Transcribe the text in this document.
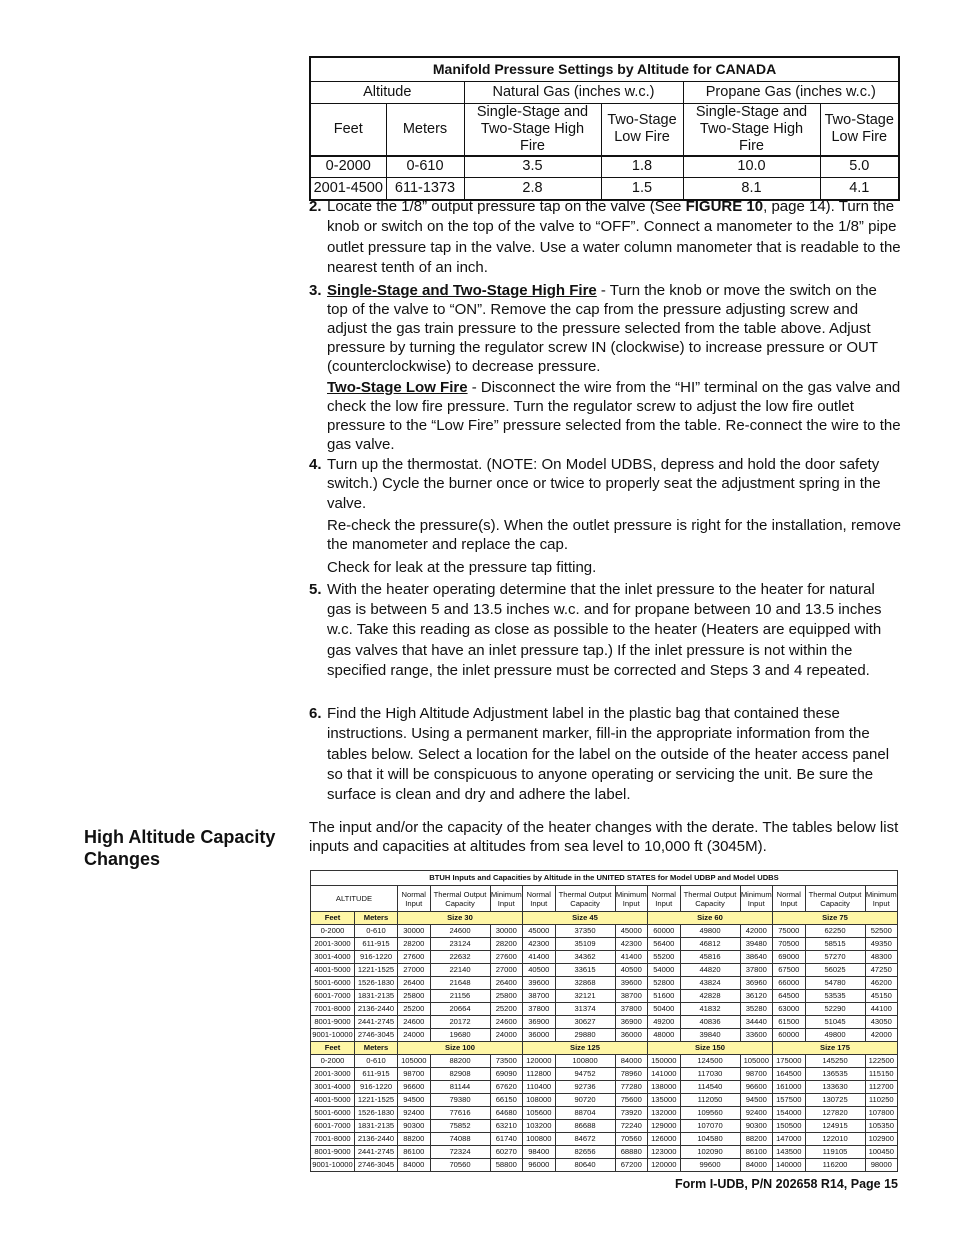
Manifold Pressure Settings by Altitude for CANADA					
Altitude		Natural Gas (inches w.c.)		Propane Gas (inches w.c.)	
Feet	Meters	Single-Stage and Two-Stage High Fire	Two-Stage Low Fire	Single-Stage and Two-Stage High Fire	Two-Stage Low Fire
0-2000	0-610	3.5	1.8	10.0	5.0
2001-4500	611-1373	2.8	1.5	8.1	4.1
2. Locate the 1/8” output pressure tap on the valve (See FIGURE 10, page 14). Turn the knob or switch on the top of the valve to “OFF”. Connect a manometer to the 1/8” pipe outlet pressure tap in the valve. Use a water column manometer that is readable to the nearest tenth of an inch.

3. Single-Stage and Two-Stage High Fire - Turn the knob or move the switch on the top of the valve to “ON”. Remove the cap from the pressure adjusting screw and adjust the gas train pressure to the pressure selected from the table above. Adjust pressure by turning the regulator screw IN (clockwise) to increase pressure or OUT (counterclockwise) to decrease pressure.

Two-Stage Low Fire - Disconnect the wire from the “HI” terminal on the gas valve and check the low fire pressure. Turn the regulator screw to adjust the low fire outlet pressure to the “Low Fire” pressure selected from the table. Re-connect the wire to the gas valve.

4. Turn up the thermostat. (NOTE: On Model UDBS, depress and hold the door safety switch.) Cycle the burner once or twice to properly seat the adjustment spring in the valve.

Re-check the pressure(s). When the outlet pressure is right for the installation, remove the manometer and replace the cap.

Check for leak at the pressure tap fitting.

5. With the heater operating determine that the inlet pressure to the heater for natural gas is between 5 and 13.5 inches w.c. and for propane between 10 and 13.5 inches w.c. Take this reading as close as possible to the heater (Heaters are equipped with gas valves that have an inlet pressure tap.) If the inlet pressure is not within the specified range, the inlet pressure must be corrected and Steps 3 and 4 repeated.

6. Find the High Altitude Adjustment label in the plastic bag that contained these instructions. Using a permanent marker, fill-in the appropriate information from the tables below. Select a location for the label on the outside of the heater access panel so that it will be conspicuous to anyone operating or servicing the unit. Be sure the surface is clean and dry and adhere the label.

High Altitude Capacity Changes

The input and/or the capacity of the heater changes with the derate. The tables below list inputs and capacities at altitudes from sea level to 10,000 ft (3045M).

BTUH Inputs and Capacities by Altitude in the UNITED STATES for Model UDBP and Model UDBS													
ALTITUDE		Normal Input	Thermal Output Capacity	Minimum Input	Normal Input	Thermal Output Capacity	Minimum Input	Normal Input	Thermal Output Capacity	Minimum Input	Normal Input	Thermal Output Capacity	Minimum Input
Feet	Meters	Size 30			Size 45			Size 60			Size 75		
0-2000	0-610	30000	24600	30000	45000	37350	45000	60000	49800	42000	75000	62250	52500
2001-3000	611-915	28200	23124	28200	42300	35109	42300	56400	46812	39480	70500	58515	49350
3001-4000	916-1220	27600	22632	27600	41400	34362	41400	55200	45816	38640	69000	57270	48300
4001-5000	1221-1525	27000	22140	27000	40500	33615	40500	54000	44820	37800	67500	56025	47250
5001-6000	1526-1830	26400	21648	26400	39600	32868	39600	52800	43824	36960	66000	54780	46200
6001-7000	1831-2135	25800	21156	25800	38700	32121	38700	51600	42828	36120	64500	53535	45150
7001-8000	2136-2440	25200	20664	25200	37800	31374	37800	50400	41832	35280	63000	52290	44100
8001-9000	2441-2745	24600	20172	24600	36900	30627	36900	49200	40836	34440	61500	51045	43050
9001-10000	2746-3045	24000	19680	24000	36000	29880	36000	48000	39840	33600	60000	49800	42000
Feet	Meters	Size 100			Size 125			Size 150			Size 175		
0-2000	0-610	105000	88200	73500	120000	100800	84000	150000	124500	105000	175000	145250	122500
2001-3000	611-915	98700	82908	69090	112800	94752	78960	141000	117030	98700	164500	136535	115150
3001-4000	916-1220	96600	81144	67620	110400	92736	77280	138000	114540	96600	161000	133630	112700
4001-5000	1221-1525	94500	79380	66150	108000	90720	75600	135000	112050	94500	157500	130725	110250
5001-6000	1526-1830	92400	77616	64680	105600	88704	73920	132000	109560	92400	154000	127820	107800
6001-7000	1831-2135	90300	75852	63210	103200	86688	72240	129000	107070	90300	150500	124915	105350
7001-8000	2136-2440	88200	74088	61740	100800	84672	70560	126000	104580	88200	147000	122010	102900
8001-9000	2441-2745	86100	72324	60270	98400	82656	68880	123000	102090	86100	143500	119105	100450
9001-10000	2746-3045	84000	70560	58800	96000	80640	67200	120000	99600	84000	140000	116200	98000

Form I-UDB, P/N 202658 R14, Page 15
